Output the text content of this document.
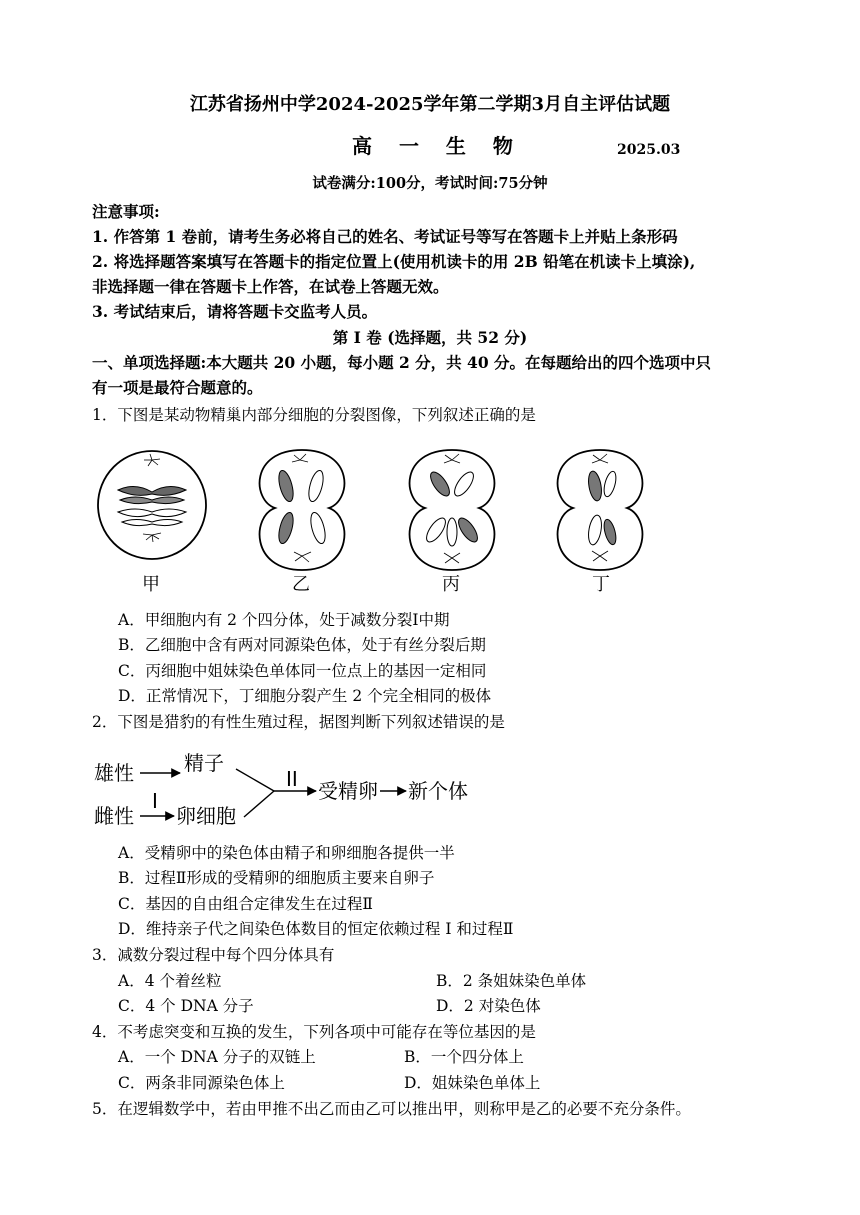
江苏省扬州中学2024-2025学年第二学期3月自主评估试题
高 一 生 物	2025.03
试卷满分:100分，考试时间:75分钟
注意事项:
1. 作答第 1 卷前，请考生务必将自己的姓名、考试证号等写在答题卡上并贴上条形码
2. 将选择题答案填写在答题卡的指定位置上(使用机读卡的用 2B 铅笔在机读卡上填涂),
非选择题一律在答题卡上作答，在试卷上答题无效。
3. 考试结束后，请将答题卡交监考人员。
第 I 卷 (选择题，共 52 分)
一、单项选择题:本大题共 20 小题，每小题 2 分，共 40 分。在每题给出的四个选项中只
有一项是最符合题意的。
1．下图是某动物精巢内部分细胞的分裂图像，下列叙述正确的是
甲	乙	丙	丁
A．甲细胞内有 2 个四分体，处于减数分裂Ⅰ中期
B．乙细胞中含有两对同源染色体，处于有丝分裂后期
C．丙细胞中姐妹染色单体同一位点上的基因一定相同
D．正常情况下，丁细胞分裂产生 2 个完全相同的极体
2．下图是猎豹的有性生殖过程，据图判断下列叙述错误的是
雄性	精子
雌性
I
卵细胞
II 受精卵 新个体
A．受精卵中的染色体由精子和卵细胞各提供一半
B．过程Ⅱ形成的受精卵的细胞质主要来自卵子
C．基因的自由组合定律发生在过程Ⅱ
D．维持亲子代之间染色体数目的恒定依赖过程 I 和过程Ⅱ
3．减数分裂过程中每个四分体具有
A．4 个着丝粒	B．2 条姐妹染色单体
C．4 个 DNA 分子	D．2 对染色体
4．不考虑突变和互换的发生，下列各项中可能存在等位基因的是
A．一个 DNA 分子的双链上	B．一个四分体上
C．两条非同源染色体上	D．姐妹染色单体上
5．在逻辑数学中，若由甲推不出乙而由乙可以推出甲，则称甲是乙的必要不充分条件。
